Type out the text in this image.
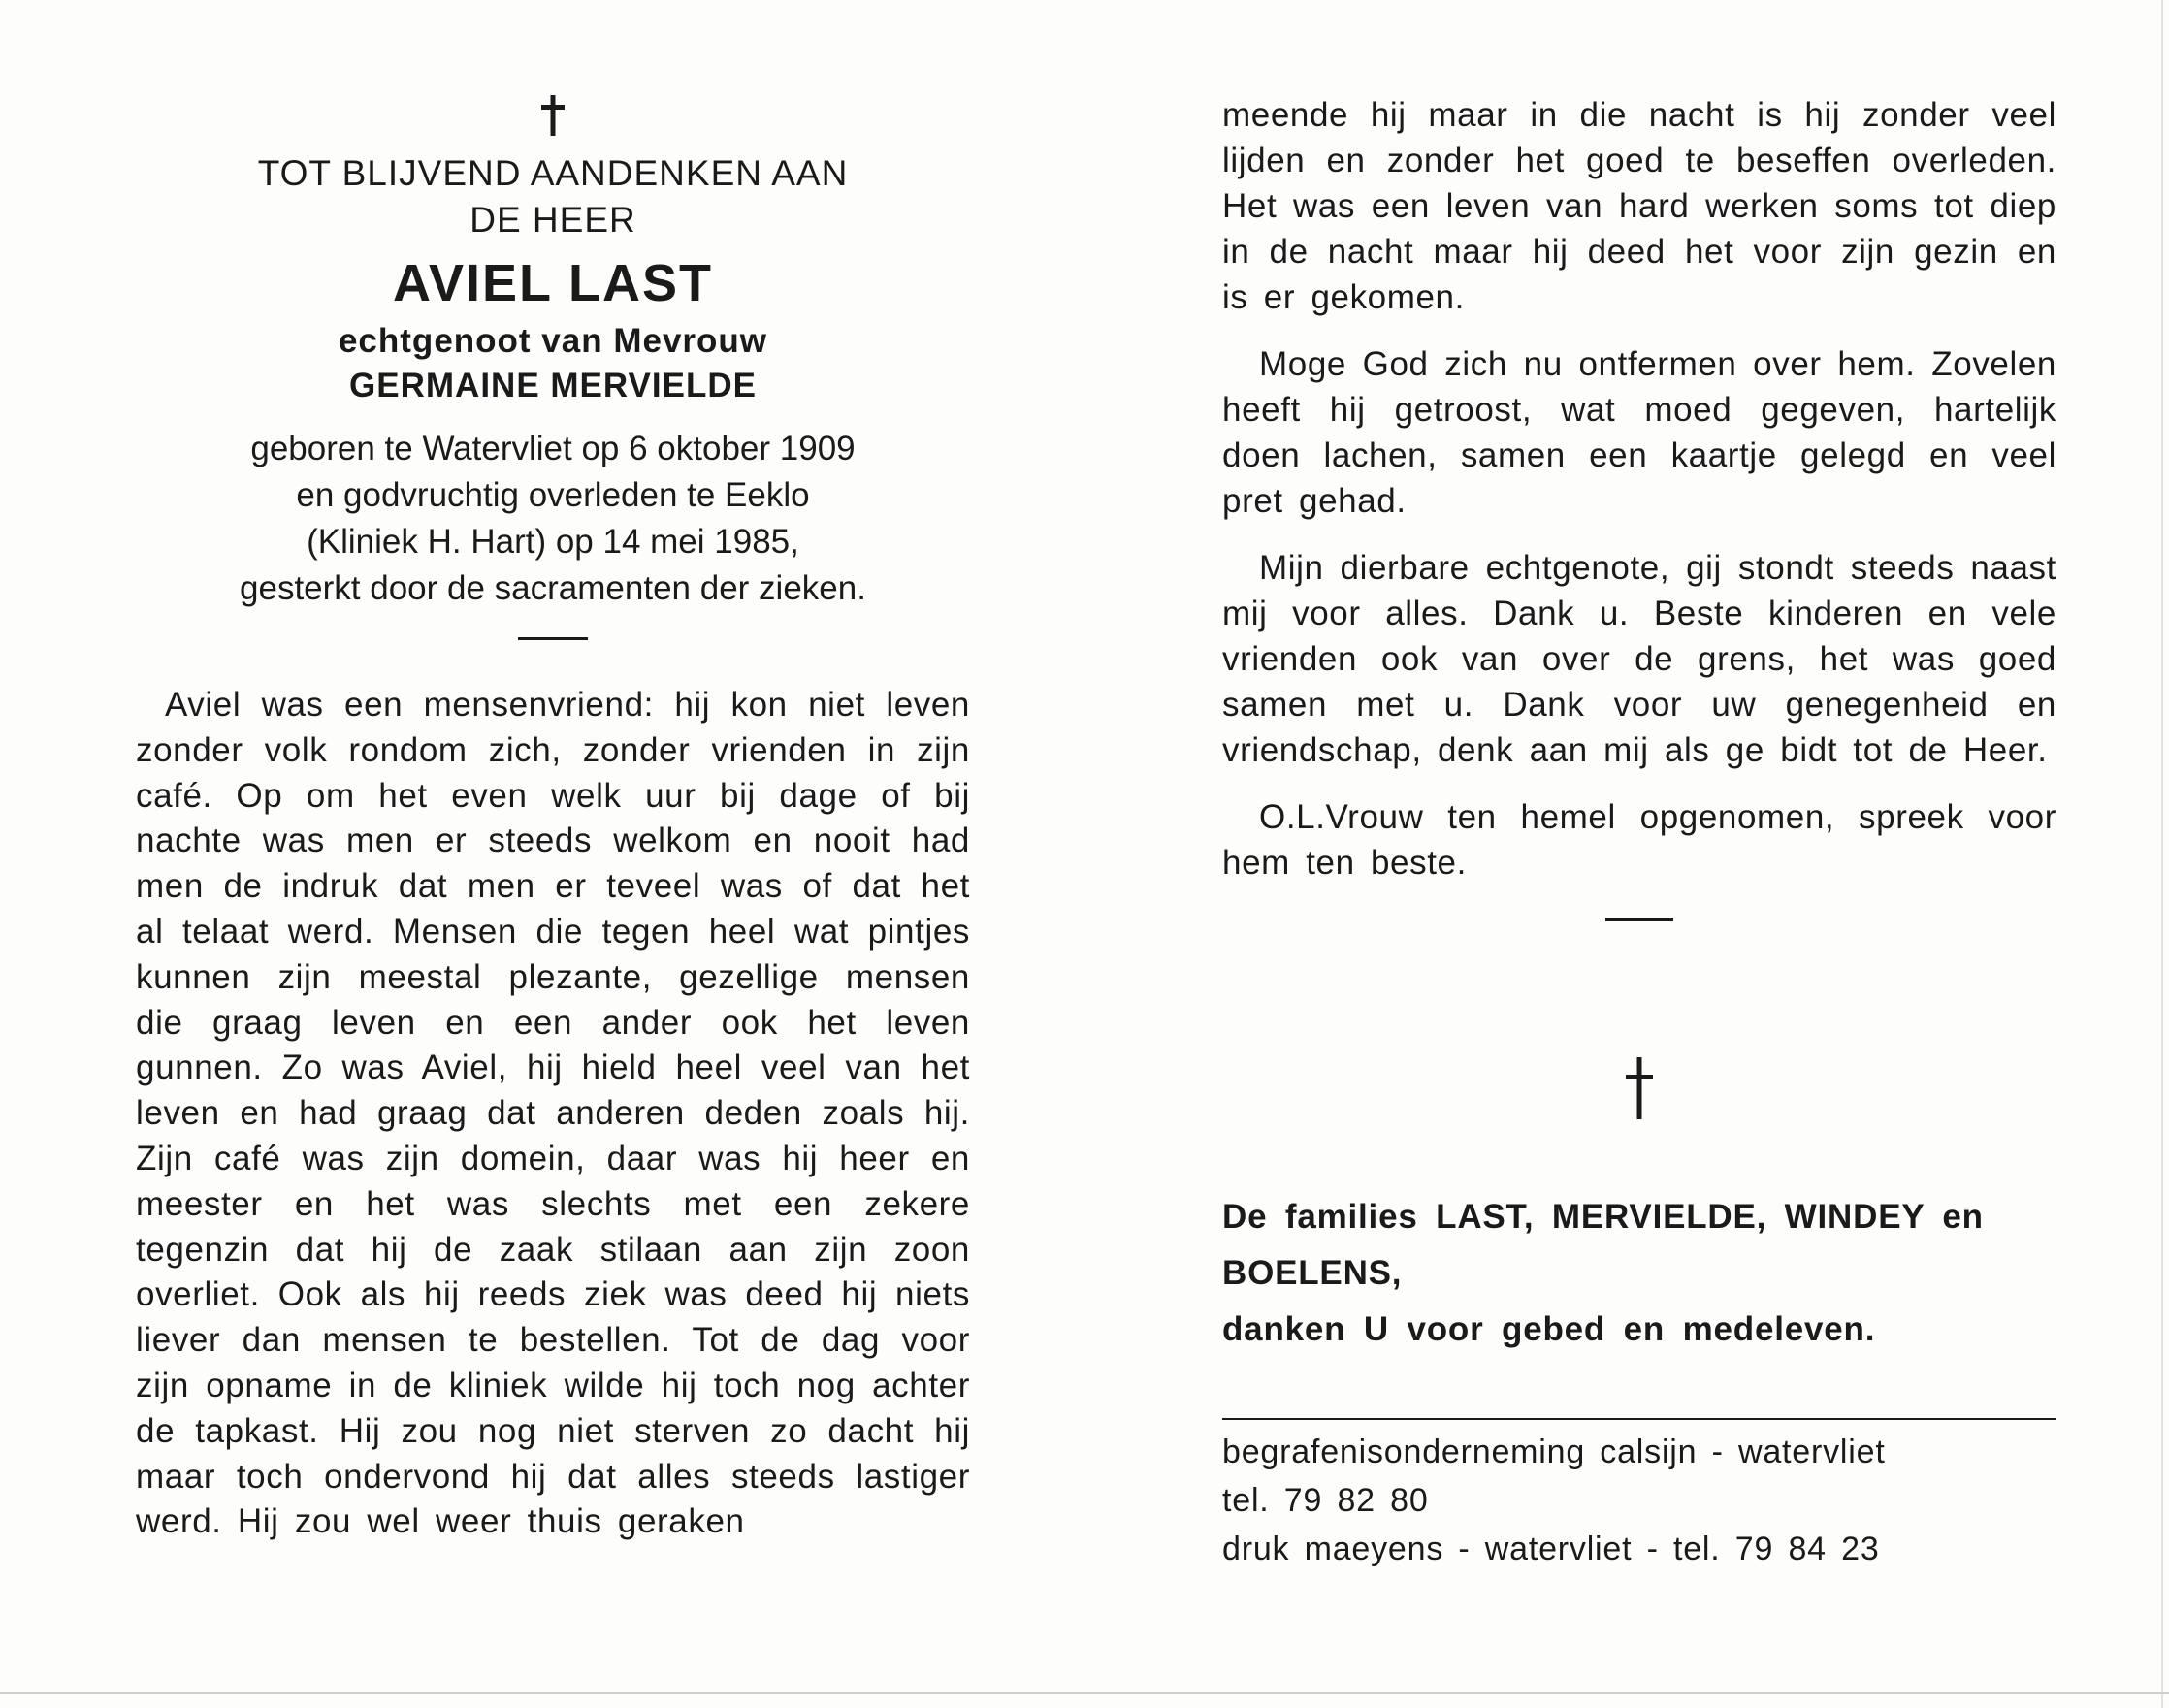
TOT BLIJVEND AANDENKEN AAN
DE HEER
AVIEL LAST
echtgenoot van Mevrouw
GERMAINE MERVIELDE
geboren te Watervliet op 6 oktober 1909
en godvruchtig overleden te Eeklo
(Kliniek H. Hart) op 14 mei 1985,
gesterkt door de sacramenten der zieken.
Aviel was een mensenvriend: hij kon niet leven zonder volk rondom zich, zonder vrienden in zijn café. Op om het even welk uur bij dage of bij nachte was men er steeds welkom en nooit had men de indruk dat men er teveel was of dat het al telaat werd. Mensen die tegen heel wat pintjes kunnen zijn meestal plezante, gezellige mensen die graag leven en een ander ook het leven gunnen. Zo was Aviel, hij hield heel veel van het leven en had graag dat anderen deden zoals hij. Zijn café was zijn domein, daar was hij heer en meester en het was slechts met een zekere tegenzin dat hij de zaak stilaan aan zijn zoon overliet. Ook als hij reeds ziek was deed hij niets liever dan mensen te bestellen. Tot de dag voor zijn opname in de kliniek wilde hij toch nog achter de tapkast. Hij zou nog niet sterven zo dacht hij maar toch ondervond hij dat alles steeds lastiger werd. Hij zou wel weer thuis geraken

meende hij maar in die nacht is hij zonder veel lijden en zonder het goed te beseffen overleden. Het was een leven van hard werken soms tot diep in de nacht maar hij deed het voor zijn gezin en is er gekomen.

Moge God zich nu ontfermen over hem. Zovelen heeft hij getroost, wat moed gegeven, hartelijk doen lachen, samen een kaartje gelegd en veel pret gehad.

Mijn dierbare echtgenote, gij stondt steeds naast mij voor alles. Dank u. Beste kinderen en vele vrienden ook van over de grens, het was goed samen met u. Dank voor uw genegenheid en vriendschap, denk aan mij als ge bidt tot de Heer.

O.L.Vrouw ten hemel opgenomen, spreek voor hem ten beste.

De families LAST, MERVIELDE, WINDEY en
BOELENS,
danken U voor gebed en medeleven.
begrafenisonderneming calsijn - watervliet
tel. 79 82 80
druk maeyens - watervliet - tel. 79 84 23
